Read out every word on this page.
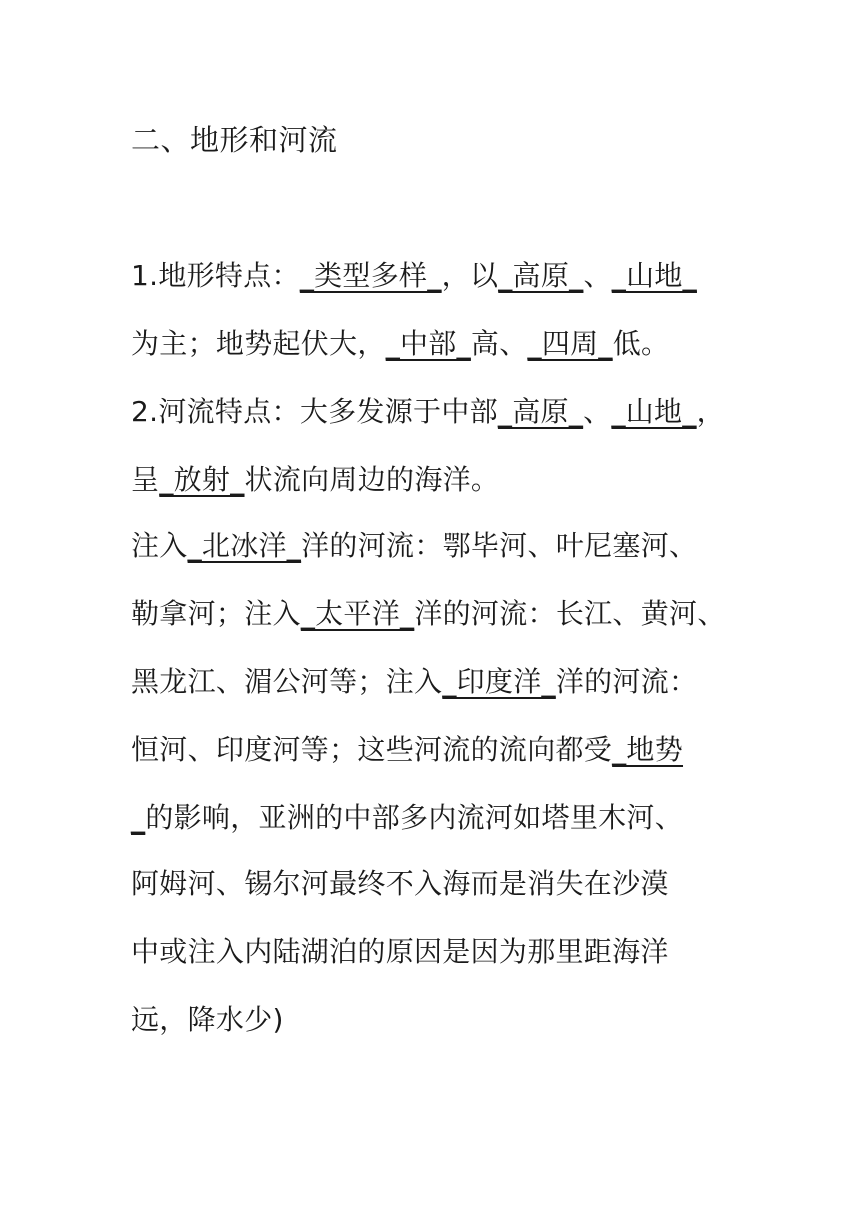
二、地形和河流
1.地形特点：_类型多样_，以_高原_、_山地_
为主；地势起伏大，_中部_高、_四周_低。
2.河流特点：大多发源于中部_高原_、_山地_，
呈_放射_状流向周边的海洋。
注入_北冰洋_洋的河流：鄂毕河、叶尼塞河、
勒拿河；注入_太平洋_洋的河流：长江、黄河、
黑龙江、湄公河等；注入_印度洋_洋的河流：
恒河、印度河等；这些河流的流向都受_地势
_的影响，亚洲的中部多内流河如塔里木河、
阿姆河、锡尔河最终不入海而是消失在沙漠
中或注入内陆湖泊的原因是因为那里距海洋
远，降水少)
